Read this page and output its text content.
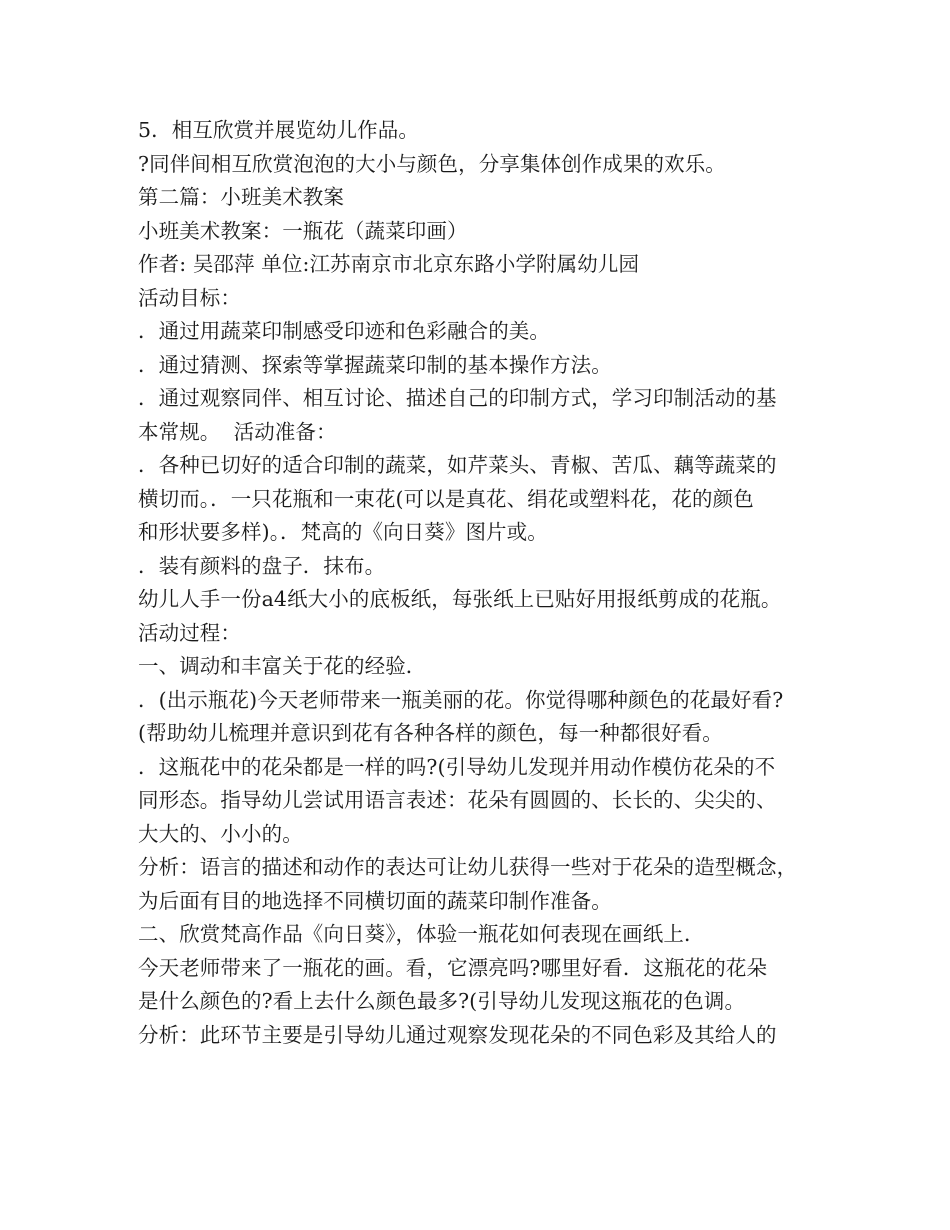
5．相互欣赏并展览幼儿作品。
?同伴间相互欣赏泡泡的大小与颜色，分享集体创作成果的欢乐。
第二篇：小班美术教案
小班美术教案：一瓶花（蔬菜印画）
作者: 吴邵萍 单位:江苏南京市北京东路小学附属幼儿园
活动目标：
．通过用蔬菜印制感受印迹和色彩融合的美。
．通过猜测、探索等掌握蔬菜印制的基本操作方法。
．通过观察同伴、相互讨论、描述自己的印制方式，学习印制活动的基
本常规。  活动准备：
．各种已切好的适合印制的蔬菜，如芹菜头、青椒、苦瓜、藕等蔬菜的
横切而。．一只花瓶和一束花(可以是真花、绢花或塑料花，花的颜色
和形状要多样)。．梵高的《向日葵》图片或。
．装有颜料的盘子．抹布。
幼儿人手一份a4纸大小的底板纸，每张纸上已贴好用报纸剪成的花瓶。
活动过程：
一、调动和丰富关于花的经验．
．(出示瓶花)今天老师带来一瓶美丽的花。你觉得哪种颜色的花最好看?
(帮助幼儿梳理并意识到花有各种各样的颜色，每一种都很好看。
．这瓶花中的花朵都是一样的吗?(引导幼儿发现并用动作模仿花朵的不
同形态。指导幼儿尝试用语言表述：花朵有圆圆的、长长的、尖尖的、
大大的、小小的。
分析：语言的描述和动作的表达可让幼儿获得一些对于花朵的造型概念，
为后面有目的地选择不同横切面的蔬菜印制作准备。
二、欣赏梵高作品《向日葵》，体验一瓶花如何表现在画纸上．
今天老师带来了一瓶花的画。看，它漂亮吗?哪里好看．这瓶花的花朵
是什么颜色的?看上去什么颜色最多?(引导幼儿发现这瓶花的色调。
分析：此环节主要是引导幼儿通过观察发现花朵的不同色彩及其给人的
